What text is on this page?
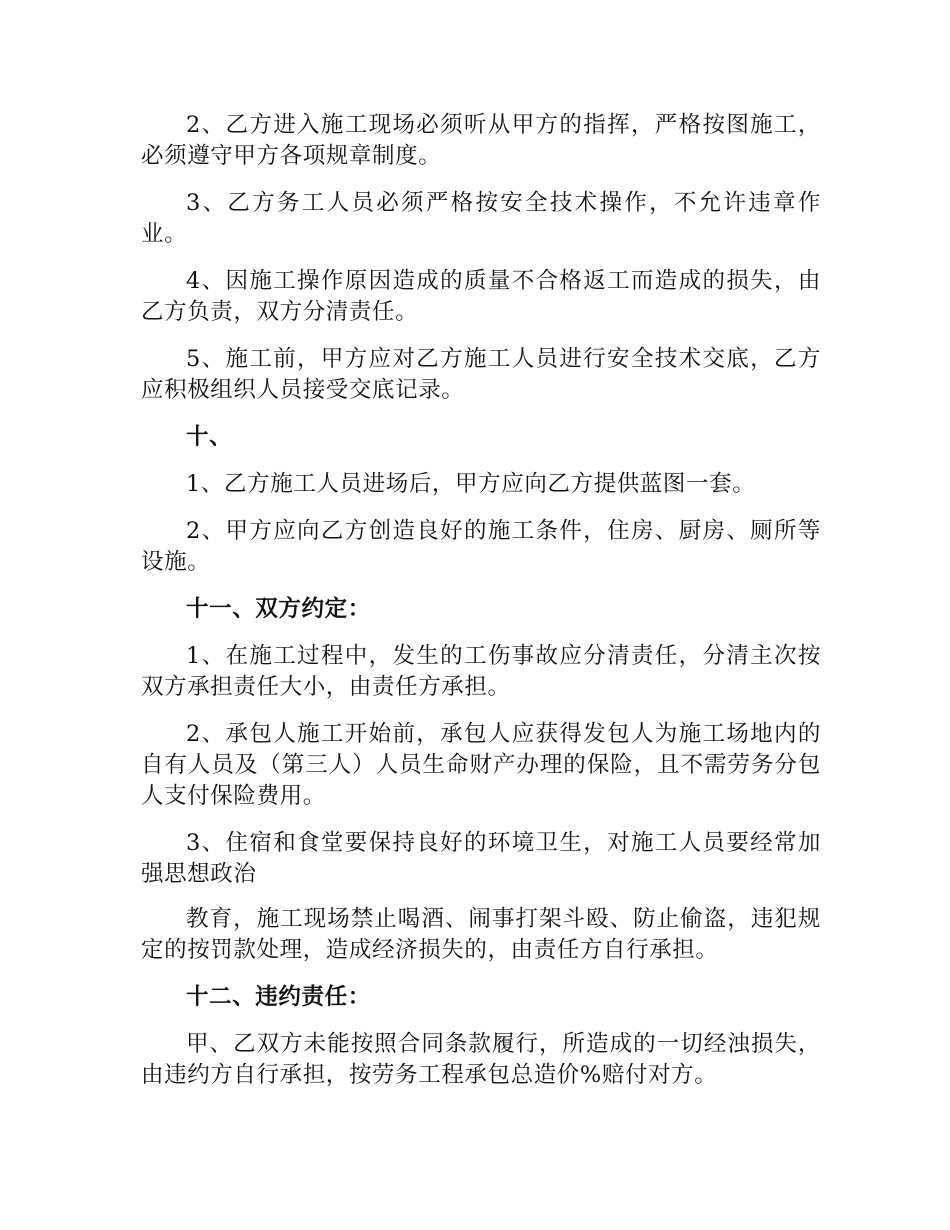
2、乙方进入施工现场必须听从甲方的指挥，严格按图施工，必须遵守甲方各项规章制度。

3、乙方务工人员必须严格按安全技术操作，不允许违章作业。

4、因施工操作原因造成的质量不合格返工而造成的损失，由乙方负责，双方分清责任。

5、施工前，甲方应对乙方施工人员进行安全技术交底，乙方应积极组织人员接受交底记录。

十、

1、乙方施工人员进场后，甲方应向乙方提供蓝图一套。

2、甲方应向乙方创造良好的施工条件，住房、厨房、厕所等设施。

十一、双方约定：

1、在施工过程中，发生的工伤事故应分清责任，分清主次按双方承担责任大小，由责任方承担。

2、承包人施工开始前，承包人应获得发包人为施工场地内的自有人员及（第三人）人员生命财产办理的保险，且不需劳务分包人支付保险费用。

3、住宿和食堂要保持良好的环境卫生，对施工人员要经常加强思想政治

教育，施工现场禁止喝酒、闹事打架斗殴、防止偷盗，违犯规定的按罚款处理，造成经济损失的，由责任方自行承担。

十二、违约责任：

甲、乙双方未能按照合同条款履行，所造成的一切经浊损失，由违约方自行承担，按劳务工程承包总造价%赔付对方。
